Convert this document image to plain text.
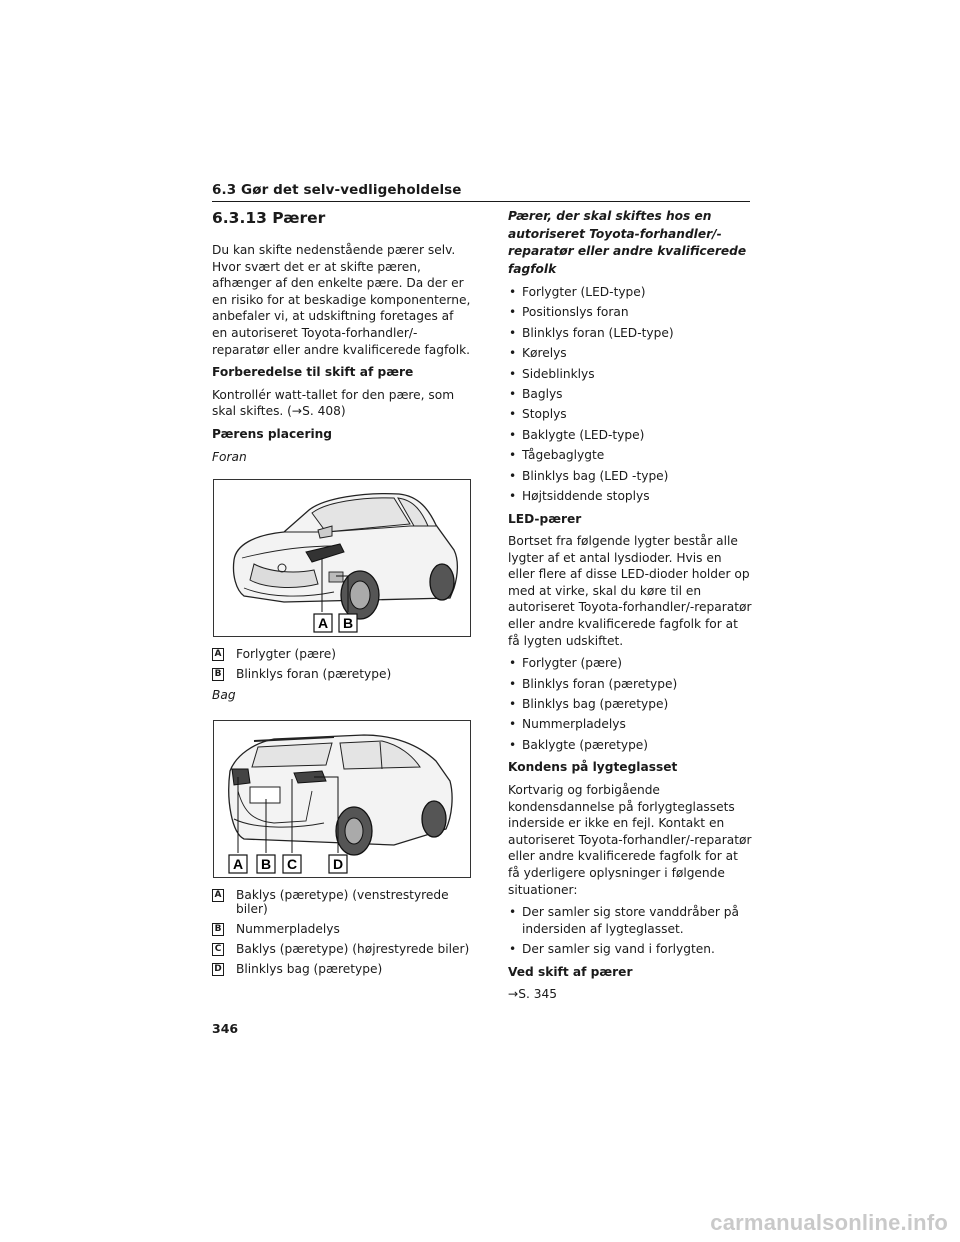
6.3 Gør det selv-vedligeholdelse
6.3.13 Pærer

Du kan skifte nedenstående pærer selv. Hvor svært det er at skifte pæren, afhænger af den enkelte pære. Da der er en risiko for at beskadige komponenterne, anbefaler vi, at udskiftning foretages af en autoriseret Toyota-forhandler/-reparatør eller andre kvalificerede fagfolk.

Forberedelse til skift af pære

Kontrollér watt-tallet for den pære, som skal skiftes. (→S. 408)

Pærens placering
Foran
A B
A Forlygter (pære)
B Blinklys foran (pæretype)
Bag
A B C	D
A Baklys (pæretype) (venstrestyrede biler)
B Nummerpladelys
C Baklys (pæretype) (højrestyrede biler)
D Blinklys bag (pæretype)
Pærer, der skal skiftes hos en autoriseret Toyota-forhandler/-reparatør eller andre kvalificerede fagfolk
• Forlygter (LED-type)
• Positionslys foran
• Blinklys foran (LED-type)
• Kørelys
• Sideblinklys
• Baglys
• Stoplys
• Baklygte (LED-type)
• Tågebaglygte
• Blinklys bag (LED -type)
• Højtsiddende stoplys
LED-pærer

Bortset fra følgende lygter består alle lygter af et antal lysdioder. Hvis en eller flere af disse LED-dioder holder op med at virke, skal du køre til en autoriseret Toyota-forhandler/-reparatør eller andre kvalificerede fagfolk for at få lygten udskiftet.

• Forlygter (pære)
• Blinklys foran (pæretype)
• Blinklys bag (pæretype)
• Nummerpladelys
• Baklygte (pæretype)
Kondens på lygteglasset

Kortvarig og forbigående kondensdannelse på forlygteglassets inderside er ikke en fejl. Kontakt en autoriseret Toyota-forhandler/-reparatør eller andre kvalificerede fagfolk for at få yderligere oplysninger i følgende situationer:

• Der samler sig store vanddråber på indersiden af lygteglasset.
• Der samler sig vand i forlygten.
Ved skift af pærer

→S. 345

346
carmanualsonline.info
